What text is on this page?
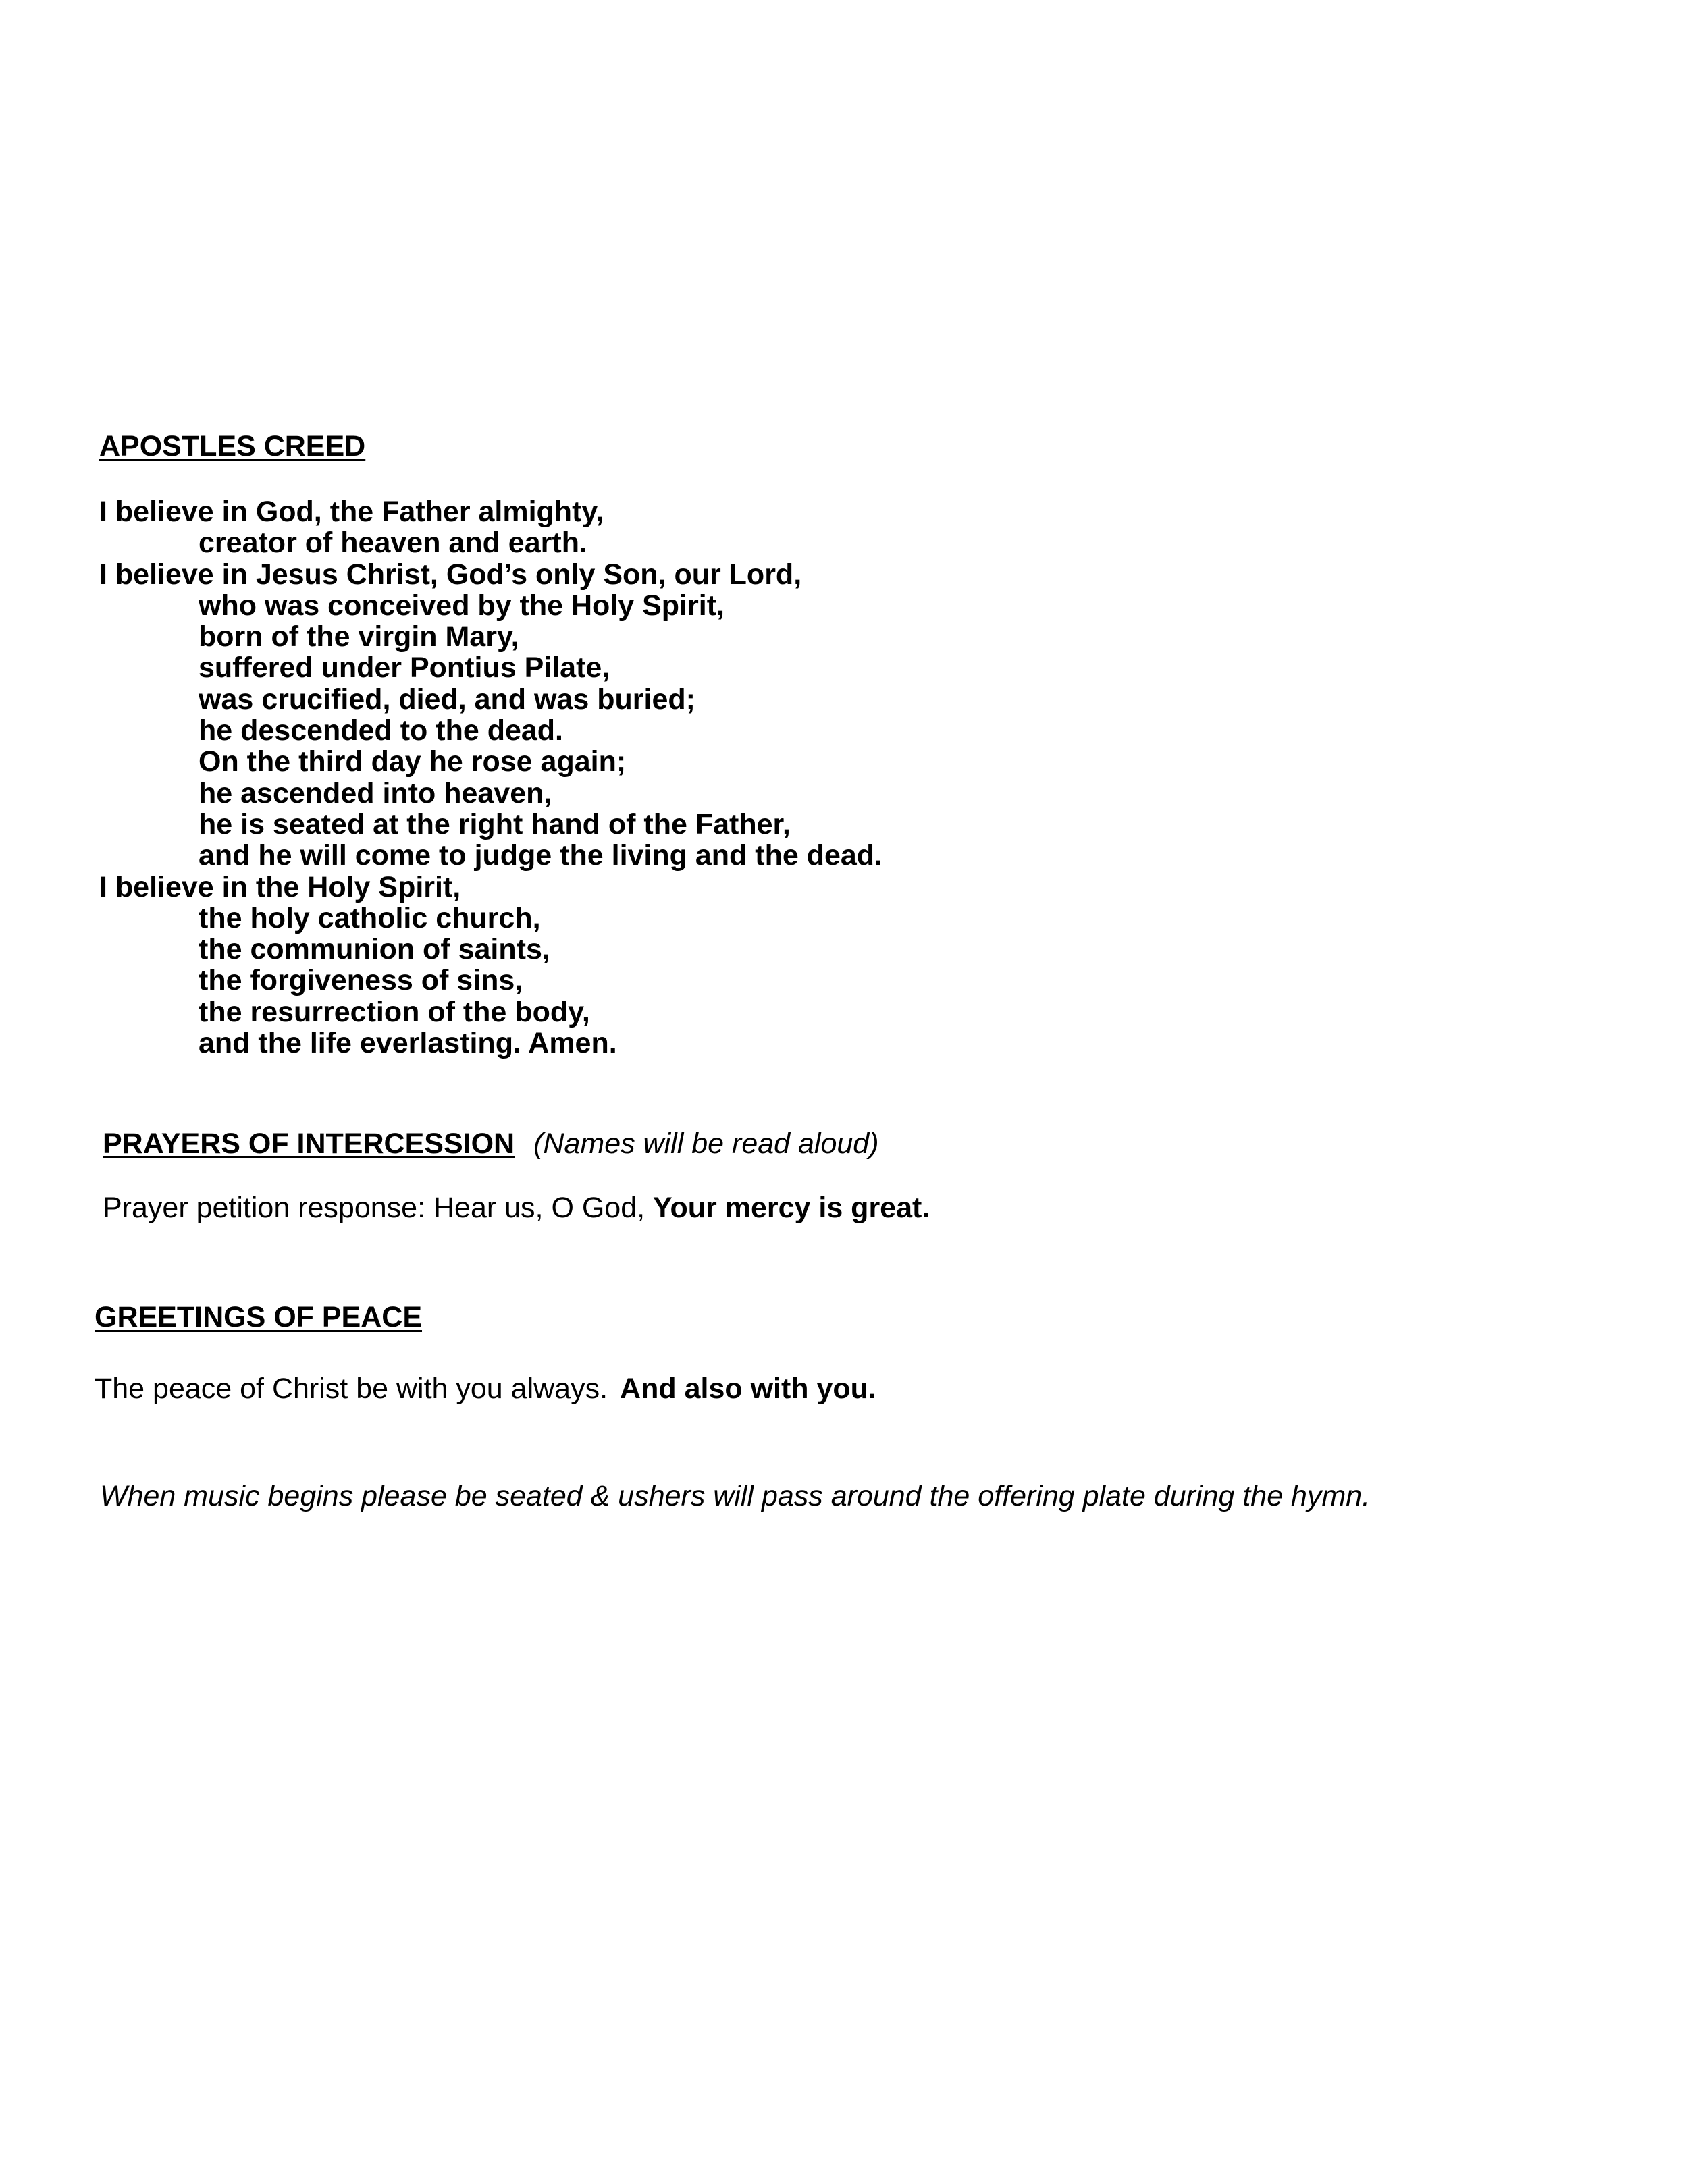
APOSTLES CREED
I believe in God, the Father almighty,
creator of heaven and earth.
I believe in Jesus Christ, God’s only Son, our Lord,
who was conceived by the Holy Spirit,
born of the virgin Mary,
suffered under Pontius Pilate,
was crucified, died, and was buried;
he descended to the dead.
On the third day he rose again;
he ascended into heaven,
he is seated at the right hand of the Father,
and he will come to judge the living and the dead.
I believe in the Holy Spirit,
the holy catholic church,
the communion of saints,
the forgiveness of sins,
the resurrection of the body,
and the life everlasting. Amen.
PRAYERS OF INTERCESSION (Names will be read aloud)
Prayer petition response: Hear us, O God, Your mercy is great.
GREETINGS OF PEACE
The peace of Christ be with you always. And also with you.
When music begins please be seated & ushers will pass around the offering plate during the hymn.
